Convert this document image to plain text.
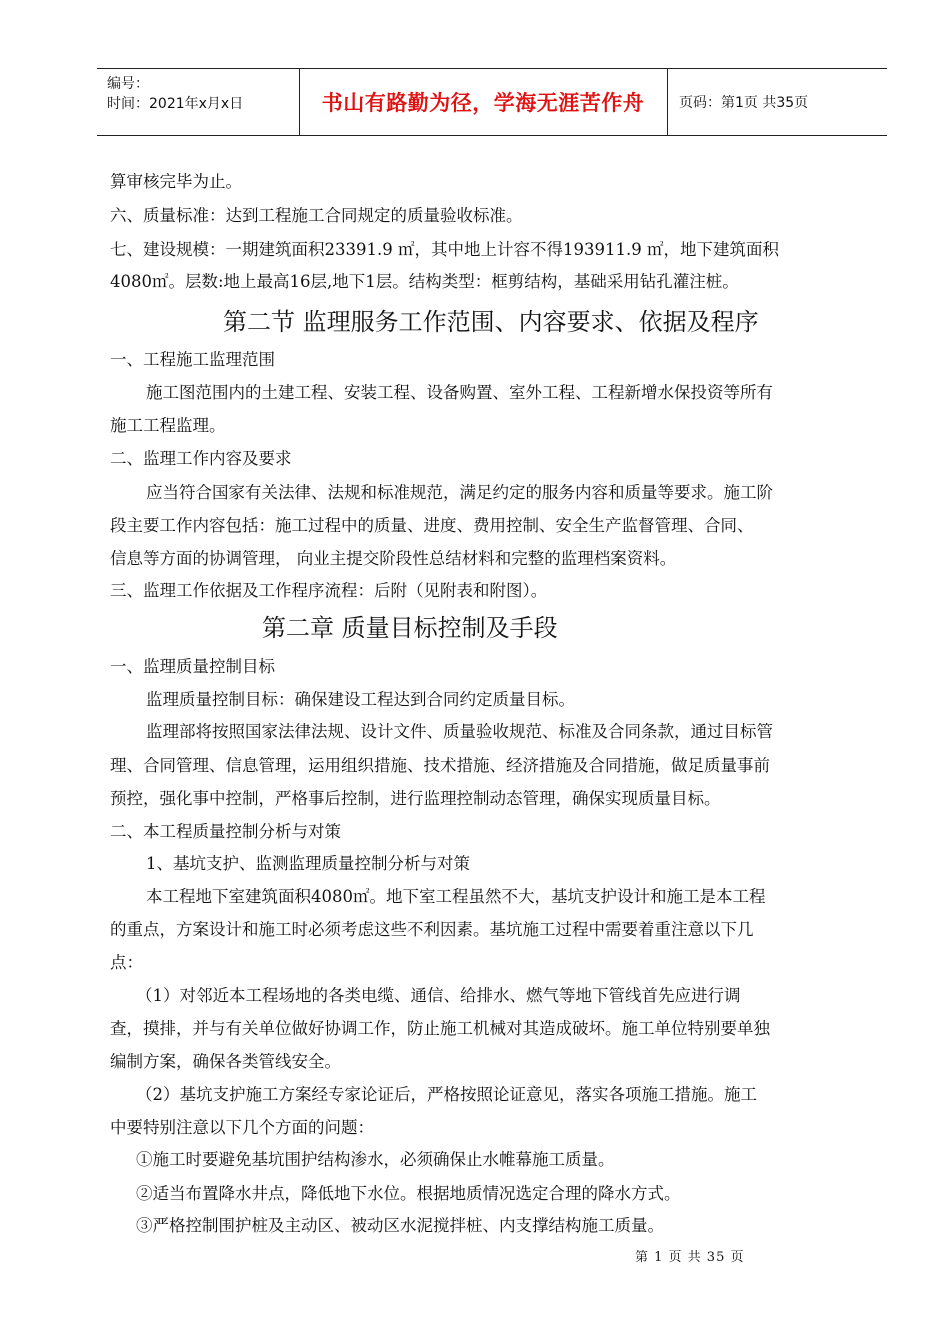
编号：
时间：2021年x月x日	书山有路勤为径，学海无涯苦作舟	页码：第1页 共35页
算审核完毕为止。
六、质量标准：达到工程施工合同规定的质量验收标准。
七、建设规模：一期建筑面积23391.9 ㎡，其中地上计容不得193911.9 ㎡，地下建筑面积
4080㎡。层数:地上最高16层,地下1层。结构类型：框剪结构，基础采用钻孔灌注桩。
第二节 监理服务工作范围、内容要求、依据及程序
一、工程施工监理范围
施工图范围内的土建工程、安装工程、设备购置、室外工程、工程新增水保投资等所有
施工工程监理。
二、监理工作内容及要求
应当符合国家有关法律、法规和标准规范，满足约定的服务内容和质量等要求。施工阶
段主要工作内容包括：施工过程中的质量、进度、费用控制、安全生产监督管理、合同、
信息等方面的协调管理， 向业主提交阶段性总结材料和完整的监理档案资料。
三、监理工作依据及工作程序流程：后附（见附表和附图）。
第二章 质量目标控制及手段
一、监理质量控制目标
监理质量控制目标：确保建设工程达到合同约定质量目标。
监理部将按照国家法律法规、设计文件、质量验收规范、标准及合同条款，通过目标管
理、合同管理、信息管理，运用组织措施、技术措施、经济措施及合同措施，做足质量事前
预控，强化事中控制，严格事后控制，进行监理控制动态管理，确保实现质量目标。
二、本工程质量控制分析与对策
1、基坑支护、监测监理质量控制分析与对策
本工程地下室建筑面积4080㎡。地下室工程虽然不大，基坑支护设计和施工是本工程
的重点，方案设计和施工时必须考虑这些不利因素。基坑施工过程中需要着重注意以下几
点：
（1）对邻近本工程场地的各类电缆、通信、给排水、燃气等地下管线首先应进行调
查，摸排，并与有关单位做好协调工作，防止施工机械对其造成破坏。施工单位特别要单独
编制方案，确保各类管线安全。
（2）基坑支护施工方案经专家论证后，严格按照论证意见，落实各项施工措施。施工
中要特别注意以下几个方面的问题：
①施工时要避免基坑围护结构渗水，必须确保止水帷幕施工质量。
②适当布置降水井点，降低地下水位。根据地质情况选定合理的降水方式。
③严格控制围护桩及主动区、被动区水泥搅拌桩、内支撑结构施工质量。
第 1 页 共 35 页
